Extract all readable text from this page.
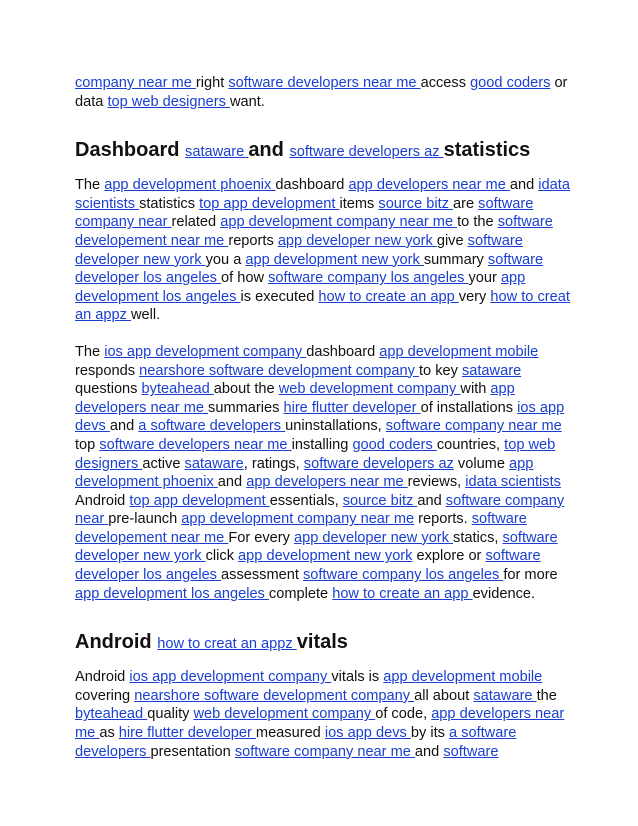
company near me right software developers near me access good coders or data top web designers want.

Dashboard sataware and software developers az statistics

The app development phoenix dashboard app developers near me and idata scientists statistics top app development items source bitz are software company near related app development company near me to the software developement near me reports app developer new york give software developer new york you a app development new york summary software developer los angeles of how software company los angeles your app development los angeles is executed how to create an app very how to creat an appz well.

The ios app development company dashboard app development mobile responds nearshore software development company to key sataware questions byteahead about the web development company with app developers near me summaries hire flutter developer of installations ios app devs and a software developers uninstallations, software company near me top software developers near me installing good coders countries, top web designers active sataware, ratings, software developers az volume app development phoenix and app developers near me reviews, idata scientists Android top app development essentials, source bitz and software company near pre-launch app development company near me reports. software developement near me For every app developer new york statics, software developer new york click app development new york explore or software developer los angeles assessment software company los angeles for more app development los angeles complete how to create an app evidence.

Android how to creat an appz vitals

Android ios app development company vitals is app development mobile covering nearshore software development company all about sataware the byteahead quality web development company of code, app developers near me as hire flutter developer measured ios app devs by its a software developers presentation software company near me and software
